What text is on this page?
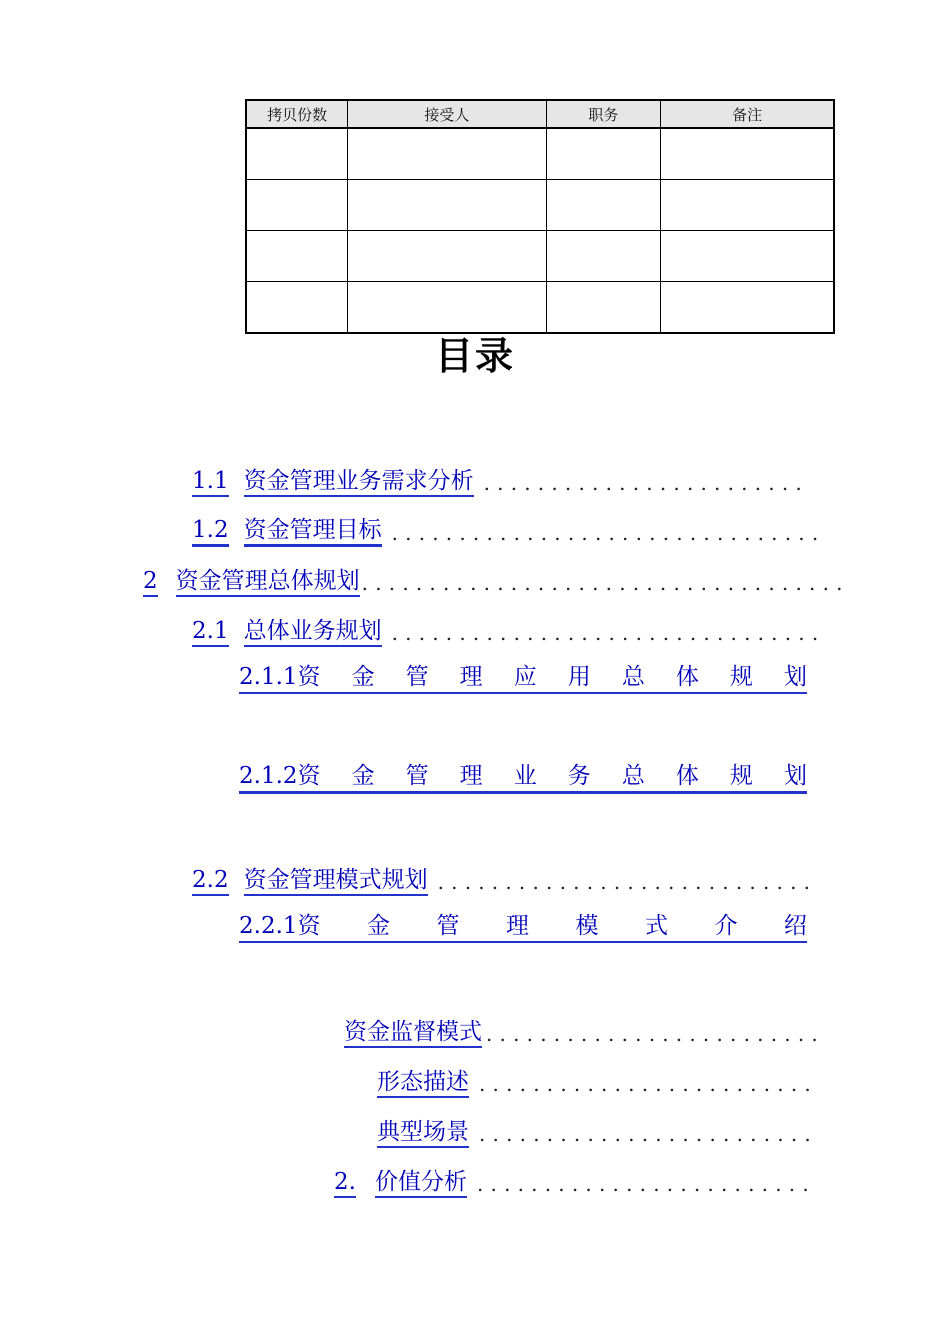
拷贝份数	接受人	职务	备注

目录
1.1 资金管理业务需求分析 ........................
1.2 资金管理目标 ................................
2 资金管理总体规划 ....................................
2.1 总体业务规划 ................................
2.1.1资 金 管 理 应 用 总 体 规 划
2.1.2资 金 管 理 业 务 总 体 规 划
2.2 资金管理模式规划 ............................
2.2.1资 金 管 理 模 式 介 绍
资金监督模式 .........................
形态描述 .........................
典型场景 .........................
2. 价值分析 .........................
